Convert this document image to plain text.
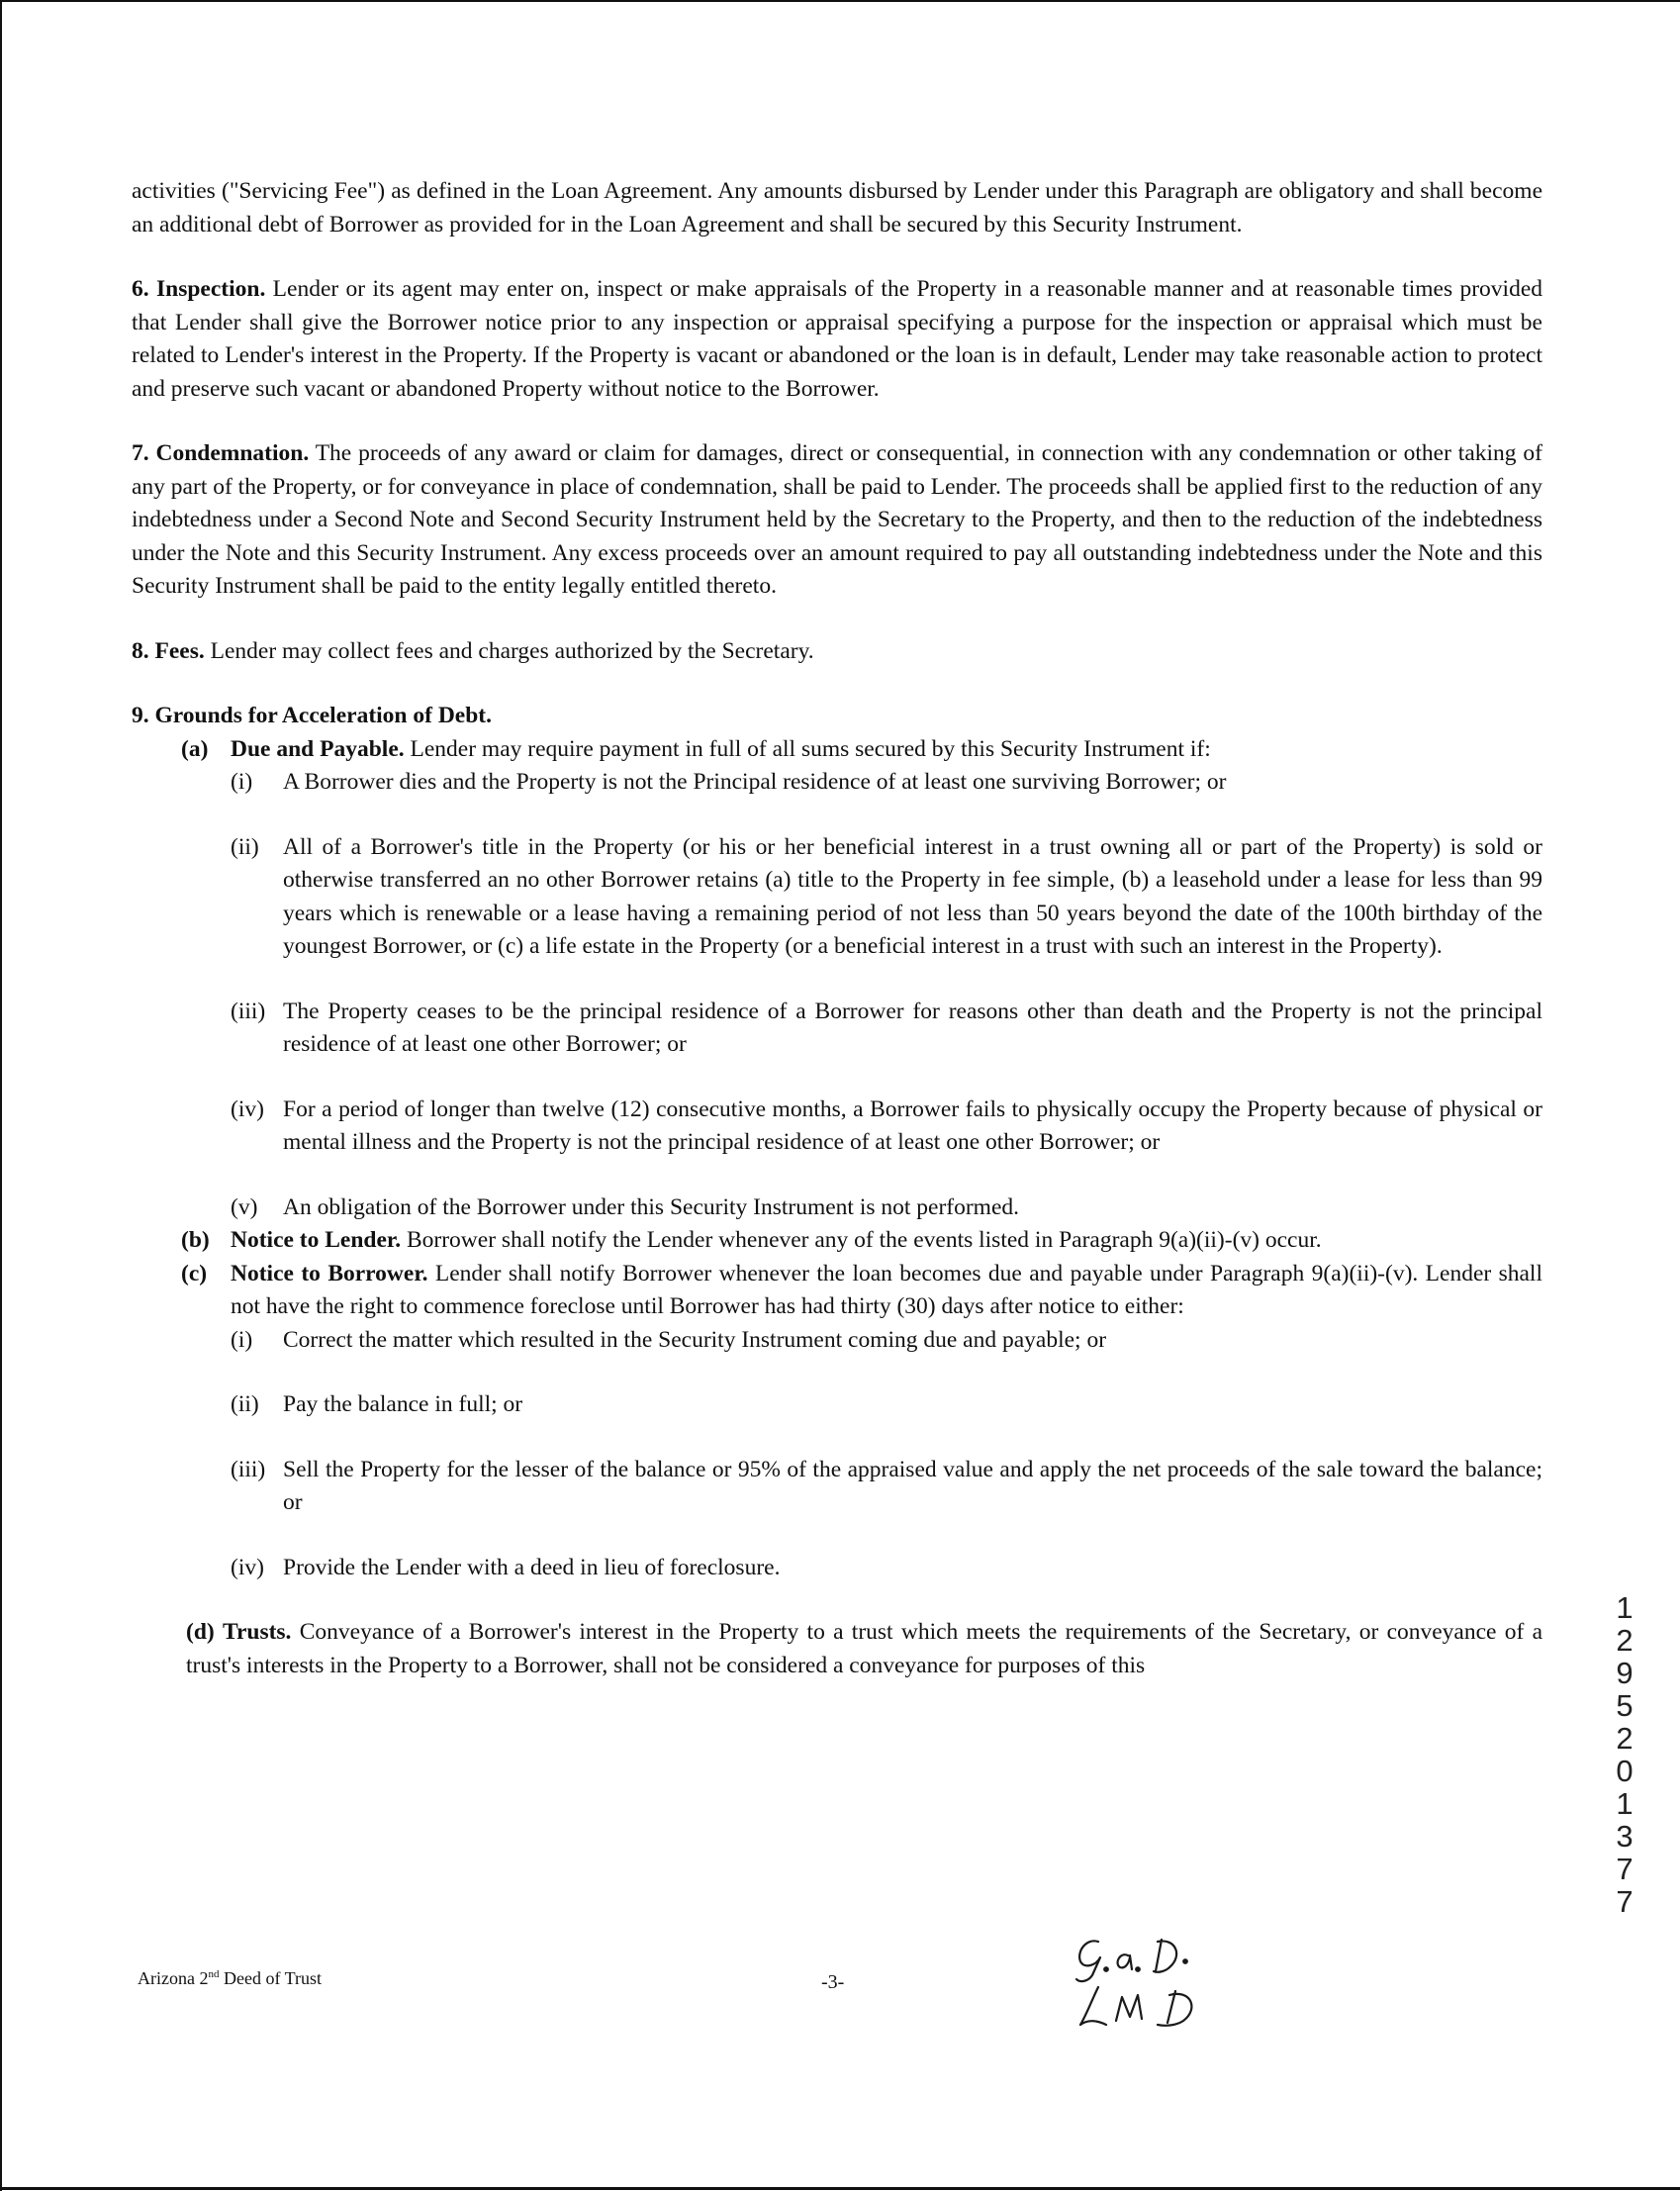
activities ("Servicing Fee") as defined in the Loan Agreement. Any amounts disbursed by Lender under this Paragraph are obligatory and shall become an additional debt of Borrower as provided for in the Loan Agreement and shall be secured by this Security Instrument.

6. Inspection. Lender or its agent may enter on, inspect or make appraisals of the Property in a reasonable manner and at reasonable times provided that Lender shall give the Borrower notice prior to any inspection or appraisal specifying a purpose for the inspection or appraisal which must be related to Lender's interest in the Property. If the Property is vacant or abandoned or the loan is in default, Lender may take reasonable action to protect and preserve such vacant or abandoned Property without notice to the Borrower.

7. Condemnation. The proceeds of any award or claim for damages, direct or consequential, in connection with any condemnation or other taking of any part of the Property, or for conveyance in place of condemnation, shall be paid to Lender. The proceeds shall be applied first to the reduction of any indebtedness under a Second Note and Second Security Instrument held by the Secretary to the Property, and then to the reduction of the indebtedness under the Note and this Security Instrument. Any excess proceeds over an amount required to pay all outstanding indebtedness under the Note and this Security Instrument shall be paid to the entity legally entitled thereto.

8. Fees. Lender may collect fees and charges authorized by the Secretary.

9. Grounds for Acceleration of Debt.

(a) Due and Payable. Lender may require payment in full of all sums secured by this Security Instrument if:
(i)	A Borrower dies and the Property is not the Principal residence of at least one surviving Borrower; or
(ii)	All of a Borrower's title in the Property (or his or her beneficial interest in a trust owning all or part of the Property) is sold or otherwise transferred an no other Borrower retains (a) title to the Property in fee simple, (b) a leasehold under a lease for less than 99 years which is renewable or a lease having a remaining period of not less than 50 years beyond the date of the 100th birthday of the youngest Borrower, or (c) a life estate in the Property (or a beneficial interest in a trust with such an interest in the Property).
(iii) The Property ceases to be the principal residence of a Borrower for reasons other than death and the Property is not the principal residence of at least one other Borrower; or
(iv) For a period of longer than twelve (12) consecutive months, a Borrower fails to physically occupy the Property because of physical or mental illness and the Property is not the principal residence of at least one other Borrower; or
(v)	An obligation of the Borrower under this Security Instrument is not performed.
(b) Notice to Lender. Borrower shall notify the Lender whenever any of the events listed in Paragraph 9(a)(ii)-(v) occur.
(c)	Notice to Borrower. Lender shall notify Borrower whenever the loan becomes due and payable under Paragraph 9(a)(ii)-(v). Lender shall not have the right to commence foreclose until Borrower has had thirty (30) days after notice to either:
(i)	Correct the matter which resulted in the Security Instrument coming due and payable; or
(ii)	Pay the balance in full; or
(iii) Sell the Property for the lesser of the balance or 95% of the appraised value and apply the net proceeds of the sale toward the balance; or
(iv) Provide the Lender with a deed in lieu of foreclosure.
(d) Trusts. Conveyance of a Borrower's interest in the Property to a trust which meets the requirements of the Secretary, or conveyance of a trust's interests in the Property to a Borrower, shall not be considered a conveyance for purposes of this
1
2
9
5
2
0
1
3
7
7
Arizona 2nd Deed of Trust	-3-
